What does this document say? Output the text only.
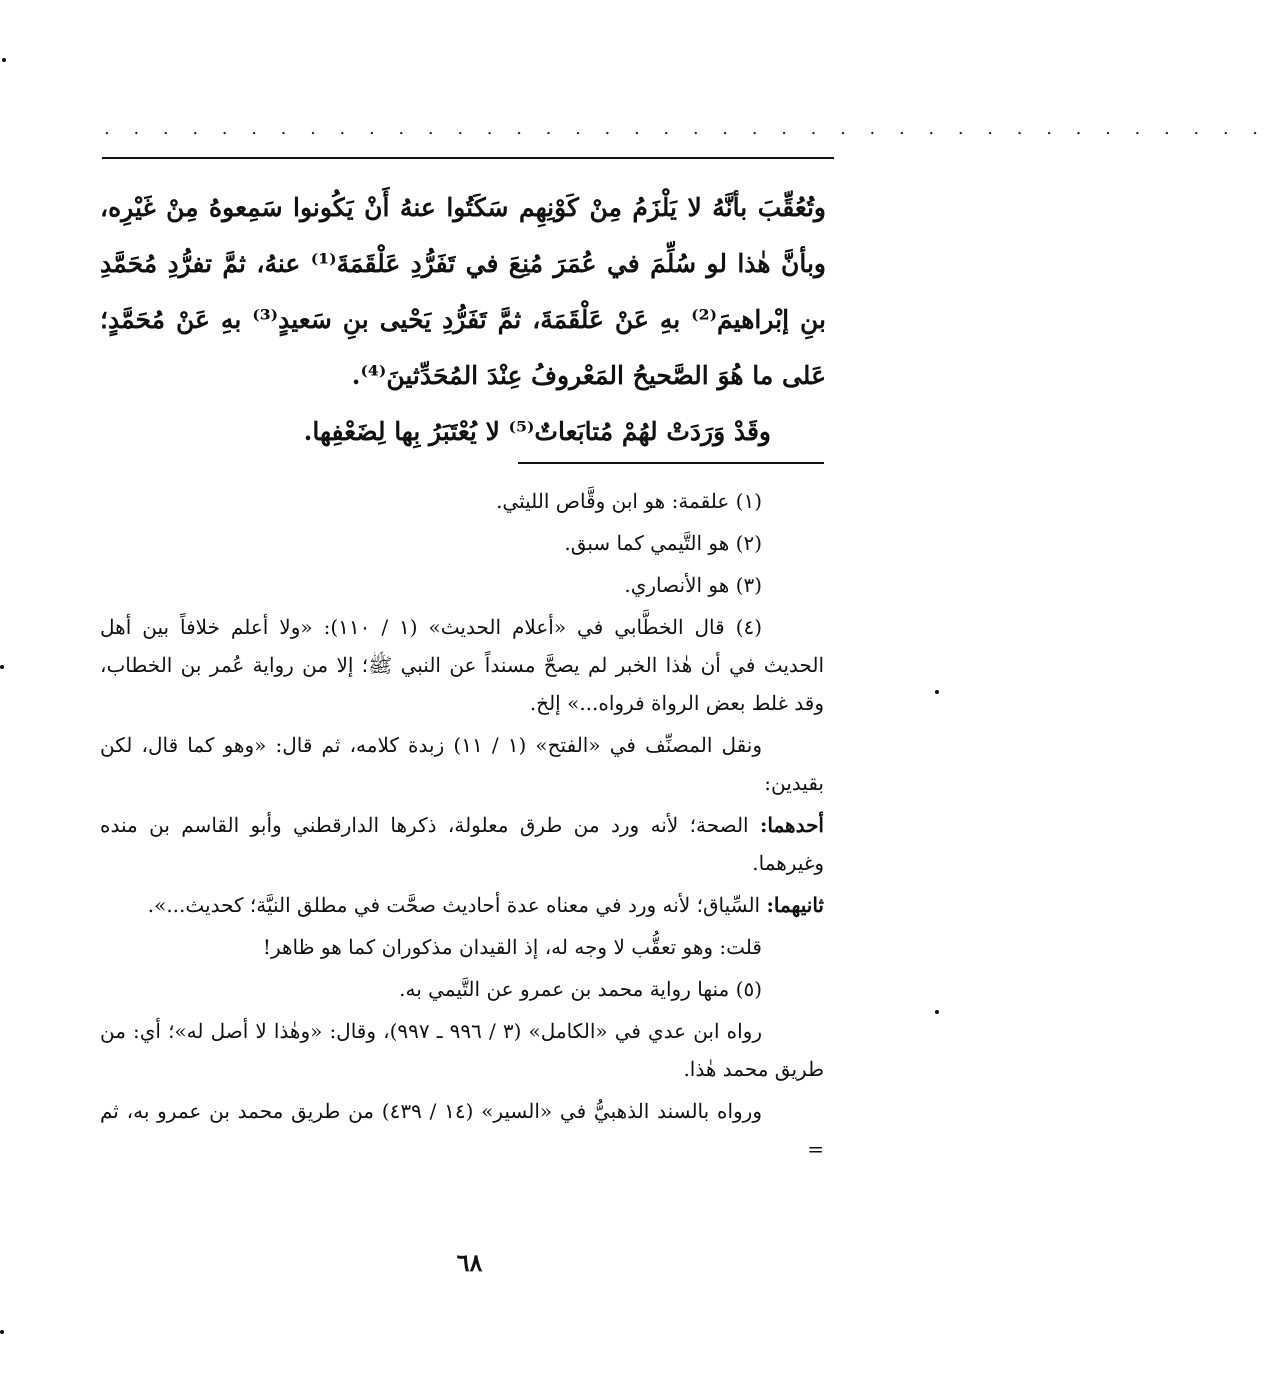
. . . . . . . . . . . . . . . . . . . . . . . . . . . . . . . . . . . . . . . .

وتُعُقِّبَ بأنَّهُ لا يَلْزَمُ مِنْ كَوْنِهِم سَكَتُوا عنهُ أَنْ يَكُونوا سَمِعوهُ مِنْ غَيْرِه، وبأنَّ هٰذا لو سُلِّمَ في عُمَرَ مُنِعَ في تَفَرُّدِ عَلْقَمَةَ⁽¹⁾ عنهُ، ثمَّ تفرُّدِ مُحَمَّدِ بنِ إبْراهيمَ⁽²⁾ بهِ عَنْ عَلْقَمَةَ، ثمَّ تَفَرُّدِ يَحْيى بنِ سَعيدٍ⁽³⁾ بهِ عَنْ مُحَمَّدٍ؛ عَلى ما هُوَ الصَّحيحُ المَعْروفُ عِنْدَ المُحَدِّثينَ⁽⁴⁾.

وقَدْ وَرَدَتْ لهُمْ مُتابَعاتٌ⁽⁵⁾ لا يُعْتَبَرُ بِها لِضَعْفِها.

(١) علقمة: هو ابن وقَّاص الليثي.

(٢) هو التَّيمي كما سبق.

(٣) هو الأنصاري.

(٤) قال الخطَّابي في «أعلام الحديث» (١ / ١١٠): «ولا أعلم خلافاً بين أهل الحديث في أن هٰذا الخبر لم يصحَّ مسنداً عن النبي ﷺ؛ إلا من رواية عُمر بن الخطاب، وقد غلط بعض الرواة فرواه...» إلخ.

ونقل المصنِّف في «الفتح» (١ / ١١) زبدة كلامه، ثم قال: «وهو كما قال، لكن بقيدين:

أحدهما: الصحة؛ لأنه ورد من طرق معلولة، ذكرها الدارقطني وأبو القاسم بن منده وغيرهما.

ثانيهما: السِّياق؛ لأنه ورد في معناه عدة أحاديث صحَّت في مطلق النيَّة؛ كحديث...».

قلت: وهو تعقُّب لا وجه له، إذ القيدان مذكوران كما هو ظاهر!

(٥) منها رواية محمد بن عمرو عن التَّيمي به.

رواه ابن عدي في «الكامل» (٣ / ٩٩٦ ـ ٩٩٧)، وقال: «وهٰذا لا أصل له»؛ أي: من طريق محمد هٰذا.

ورواه بالسند الذهبيُّ في «السير» (١٤ / ٤٣٩) من طريق محمد بن عمرو به، ثم =

٦٨
